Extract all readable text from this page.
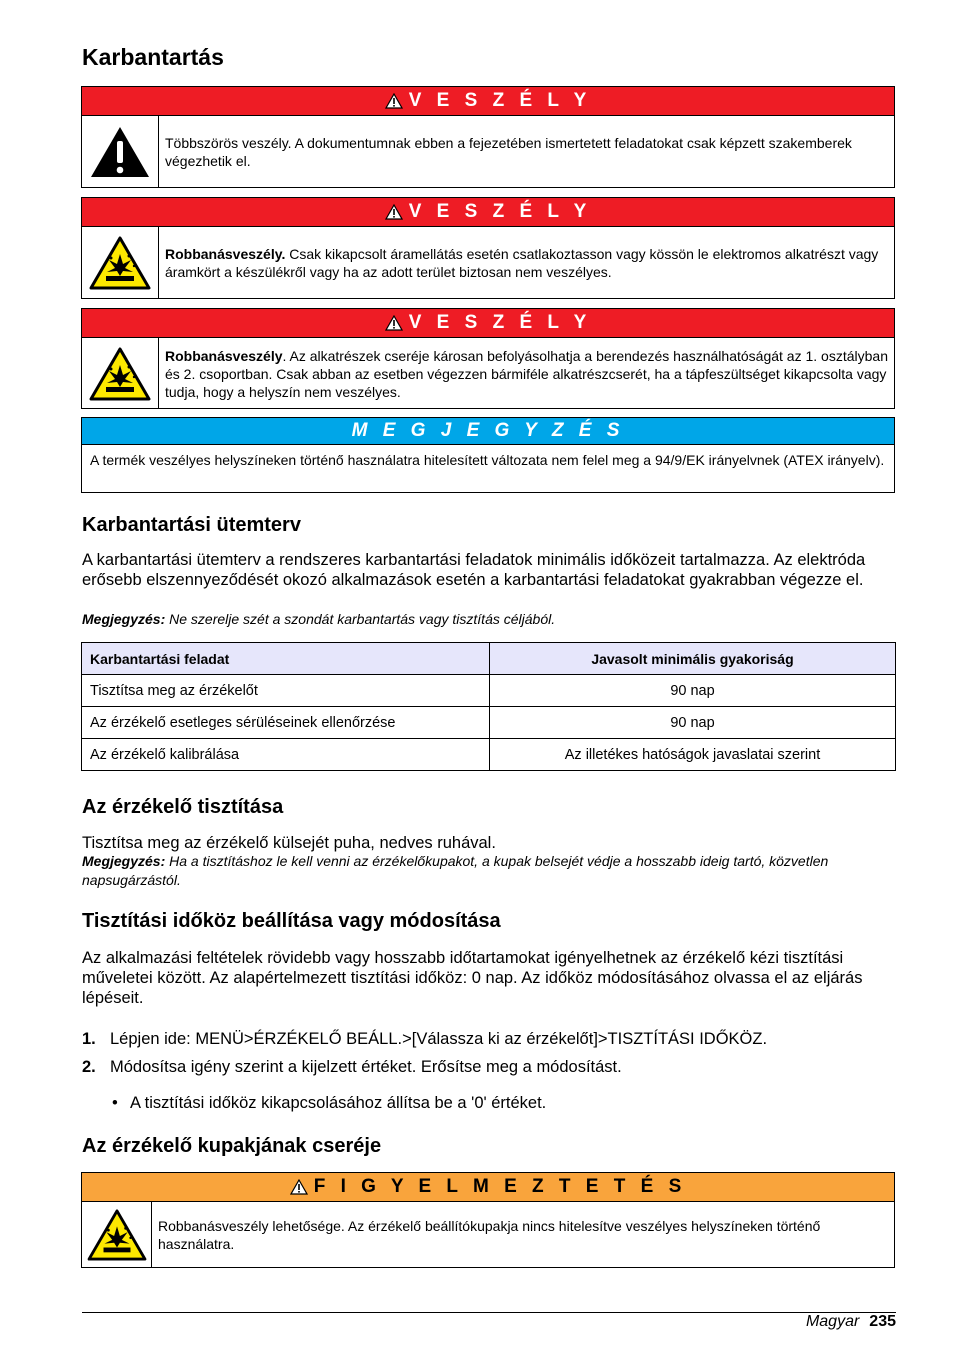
Karbantartás
V E S Z É L Y
Többszörös veszély. A dokumentumnak ebben a fejezetében ismertetett feladatokat csak képzett szakemberek végezhetik el.
V E S Z É L Y
Robbanásveszély. Csak kikapcsolt áramellátás esetén csatlakoztasson vagy kössön le elektromos alkatrészt vagy áramkört a készülékről vagy ha az adott terület biztosan nem veszélyes.
V E S Z É L Y
Robbanásveszély. Az alkatrészek cseréje károsan befolyásolhatja a berendezés használhatóságát az 1. osztályban és 2. csoportban. Csak abban az esetben végezzen bármiféle alkatrészcserét, ha a tápfeszültséget kikapcsolta vagy tudja, hogy a helyszín nem veszélyes.
M E G J E G Y Z É S
A termék veszélyes helyszíneken történő használatra hitelesített változata nem felel meg a 94/9/EK irányelvnek (ATEX irányelv).
Karbantartási ütemterv

A karbantartási ütemterv a rendszeres karbantartási feladatok minimális időközeit tartalmazza. Az elektróda erősebb elszennyeződését okozó alkalmazások esetén a karbantartási feladatokat gyakrabban végezze el.

Megjegyzés: Ne szerelje szét a szondát karbantartás vagy tisztítás céljából.
Karbantartási feladat	Javasolt minimális gyakoriság
Tisztítsa meg az érzékelőt	90 nap
Az érzékelő esetleges sérüléseinek ellenőrzése	90 nap
Az érzékelő kalibrálása	Az illetékes hatóságok javaslatai szerint
Az érzékelő tisztítása

Tisztítsa meg az érzékelő külsejét puha, nedves ruhával.

Megjegyzés: Ha a tisztításhoz le kell venni az érzékelőkupakot, a kupak belsejét védje a hosszabb ideig tartó, közvetlen napsugárzástól.
Tisztítási időköz beállítása vagy módosítása

Az alkalmazási feltételek rövidebb vagy hosszabb időtartamokat igényelhetnek az érzékelő kézi tisztítási műveletei között. Az alapértelmezett tisztítási időköz: 0 nap. Az időköz módosításához olvassa el az eljárás lépéseit.

1. Lépjen ide: MENÜ>ÉRZÉKELŐ BEÁLL.>[Válassza ki az érzékelőt]>TISZTÍTÁSI IDŐKÖZ.
2. Módosítsa igény szerint a kijelzett értéket. Erősítse meg a módosítást.
• A tisztítási időköz kikapcsolásához állítsa be a '0' értéket.
Az érzékelő kupakjának cseréje
F I G Y E L M E Z T E T É S
Robbanásveszély lehetősége. Az érzékelő beállítókupakja nincs hitelesítve veszélyes helyszíneken történő használatra.
Magyar 235
